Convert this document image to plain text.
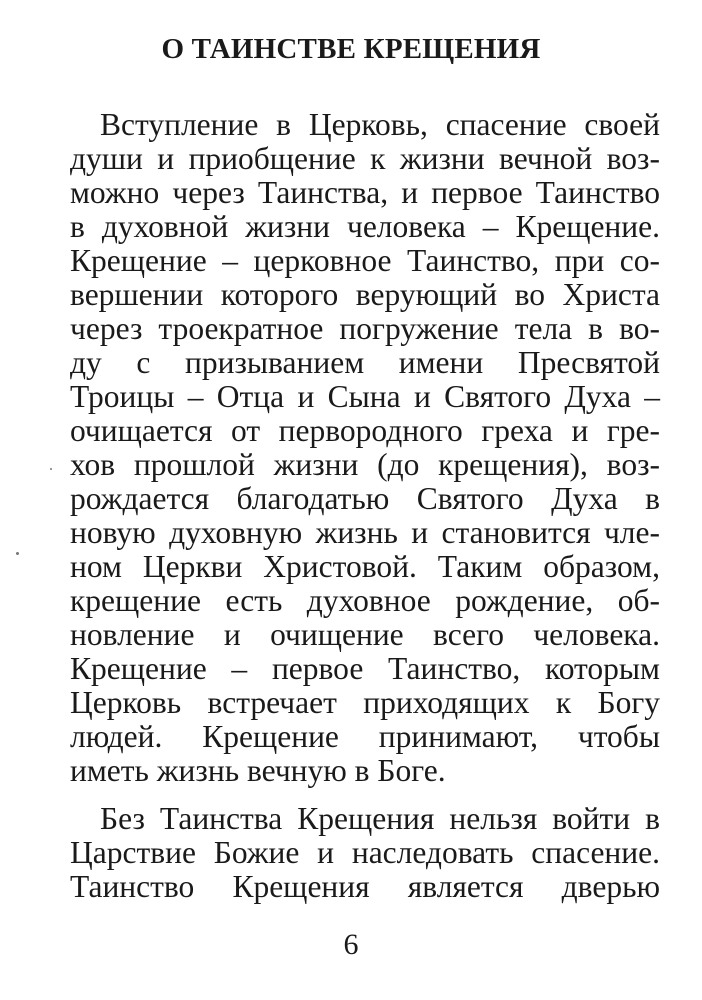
О ТАИНСТВЕ КРЕЩЕНИЯ
Вступление в Церковь, спасение своей
души и приобщение к жизни вечной воз-
можно через Таинства, и первое Таинство
в духовной жизни человека – Крещение.
Крещение – церковное Таинство, при со-
вершении которого верующий во Христа
через троекратное погружение тела в во-
ду с призыванием имени Пресвятой
Троицы – Отца и Сына и Святого Духа –
очищается от первородного греха и гре-
хов прошлой жизни (до крещения), воз-
рождается благодатью Святого Духа в
новую духовную жизнь и становится чле-
ном Церкви Христовой. Таким образом,
крещение есть духовное рождение, об-
новление и очищение всего человека.
Крещение – первое Таинство, которым
Церковь встречает приходящих к Богу
людей. Крещение принимают, чтобы
иметь жизнь вечную в Боге.
Без Таинства Крещения нельзя войти в
Царствие Божие и наследовать спасение.
Таинство Крещения является дверью
6
